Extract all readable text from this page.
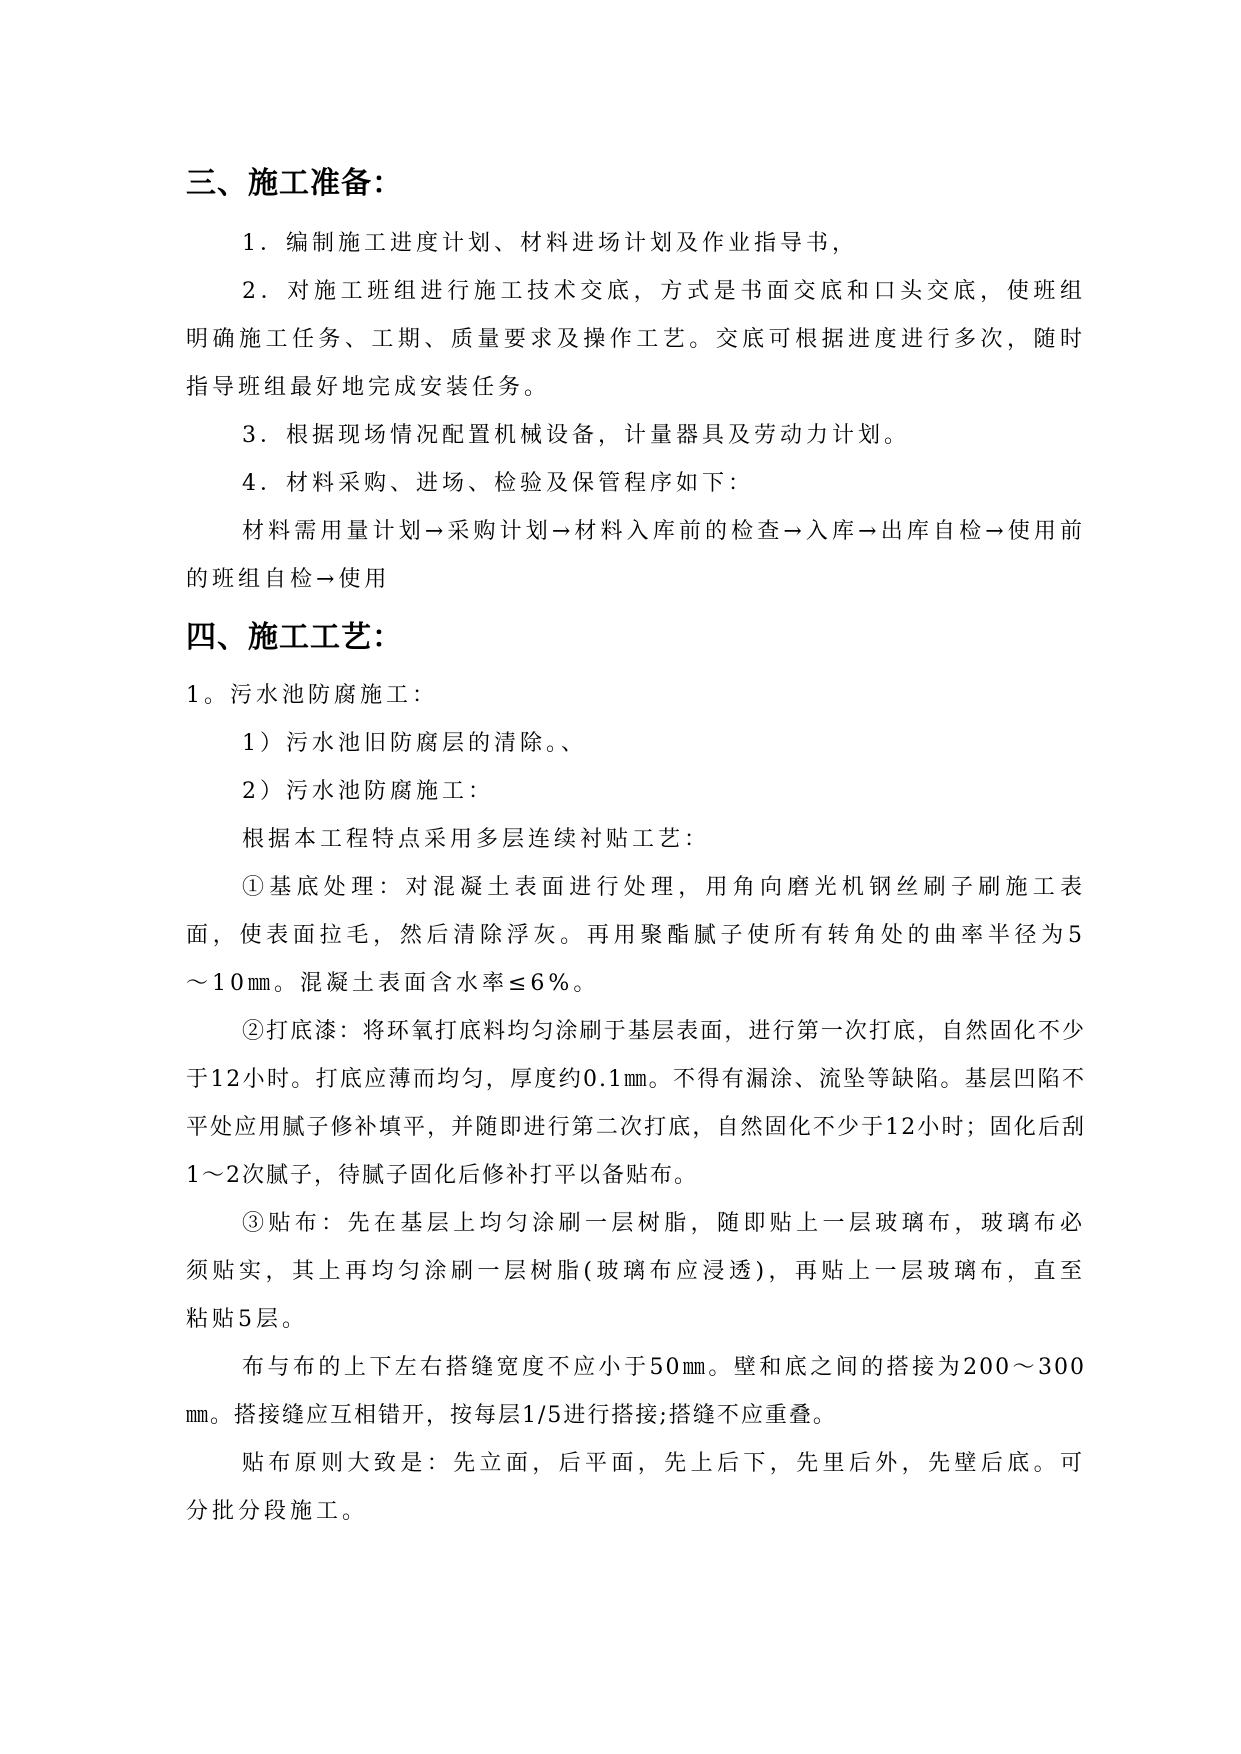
三、施工准备：

1．编制施工进度计划、材料进场计划及作业指导书，

2．对施工班组进行施工技术交底，方式是书面交底和口头交底，使班组明确施工任务、工期、质量要求及操作工艺。交底可根据进度进行多次，随时指导班组最好地完成安装任务。

3．根据现场情况配置机械设备，计量器具及劳动力计划。

4．材料采购、进场、检验及保管程序如下：

材料需用量计划→采购计划→材料入库前的检查→入库→出库自检→使用前的班组自检→使用

四、施工工艺：

1。污水池防腐施工：

1）污水池旧防腐层的清除。、

2）污水池防腐施工：

根据本工程特点采用多层连续衬贴工艺：

①基底处理：对混凝土表面进行处理，用角向磨光机钢丝刷子刷施工表面，使表面拉毛，然后清除浮灰。再用聚酯腻子使所有转角处的曲率半径为5～10㎜。混凝土表面含水率≤6%。

②打底漆：将环氧打底料均匀涂刷于基层表面，进行第一次打底，自然固化不少于12小时。打底应薄而均匀，厚度约0.1㎜。不得有漏涂、流坠等缺陷。基层凹陷不平处应用腻子修补填平，并随即进行第二次打底，自然固化不少于12小时；固化后刮1～2次腻子，待腻子固化后修补打平以备贴布。

③贴布：先在基层上均匀涂刷一层树脂，随即贴上一层玻璃布，玻璃布必须贴实，其上再均匀涂刷一层树脂(玻璃布应浸透)，再贴上一层玻璃布，直至粘贴5层。

布与布的上下左右搭缝宽度不应小于50㎜。壁和底之间的搭接为200～300㎜。搭接缝应互相错开，按每层1/5进行搭接;搭缝不应重叠。

贴布原则大致是：先立面，后平面，先上后下，先里后外，先壁后底。可分批分段施工。
